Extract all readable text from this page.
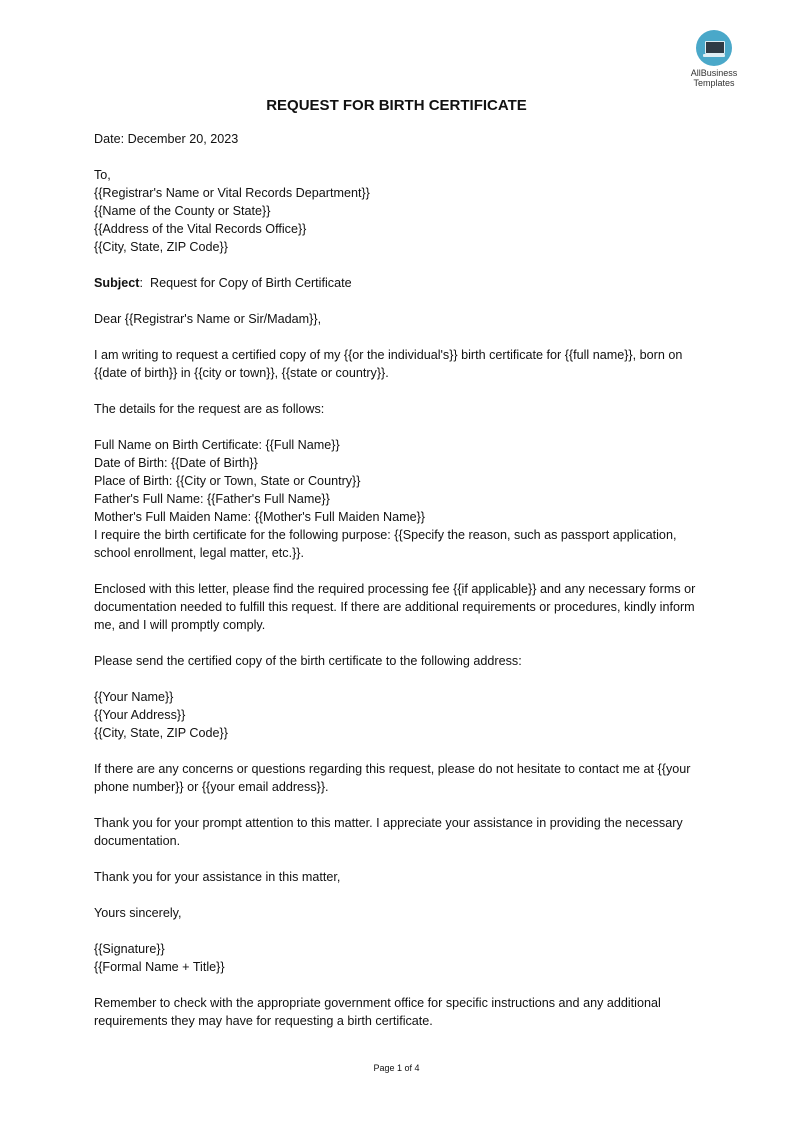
AllBusiness
Templates
REQUEST FOR BIRTH CERTIFICATE
Date: December 20, 2023
To,
{{Registrar's Name or Vital Records Department}}
{{Name of the County or State}}
{{Address of the Vital Records Office}}
{{City, State, ZIP Code}}
Subject:  Request for Copy of Birth Certificate
Dear {{Registrar's Name or Sir/Madam}},
I am writing to request a certified copy of my {{or the individual's}} birth certificate for {{full name}}, born on {{date of birth}} in {{city or town}}, {{state or country}}.
The details for the request are as follows:
Full Name on Birth Certificate: {{Full Name}}
Date of Birth: {{Date of Birth}}
Place of Birth: {{City or Town, State or Country}}
Father's Full Name: {{Father's Full Name}}
Mother's Full Maiden Name: {{Mother's Full Maiden Name}}
I require the birth certificate for the following purpose: {{Specify the reason, such as passport application, school enrollment, legal matter, etc.}}.
Enclosed with this letter, please find the required processing fee {{if applicable}} and any necessary forms or documentation needed to fulfill this request. If there are additional requirements or procedures, kindly inform me, and I will promptly comply.
Please send the certified copy of the birth certificate to the following address:
{{Your Name}}
{{Your Address}}
{{City, State, ZIP Code}}
If there are any concerns or questions regarding this request, please do not hesitate to contact me at {{your phone number}} or {{your email address}}.
Thank you for your prompt attention to this matter. I appreciate your assistance in providing the necessary documentation.
Thank you for your assistance in this matter,
Yours sincerely,
{{Signature}}
{{Formal Name + Title}}
Remember to check with the appropriate government office for specific instructions and any additional requirements they may have for requesting a birth certificate.
Page 1 of 4
